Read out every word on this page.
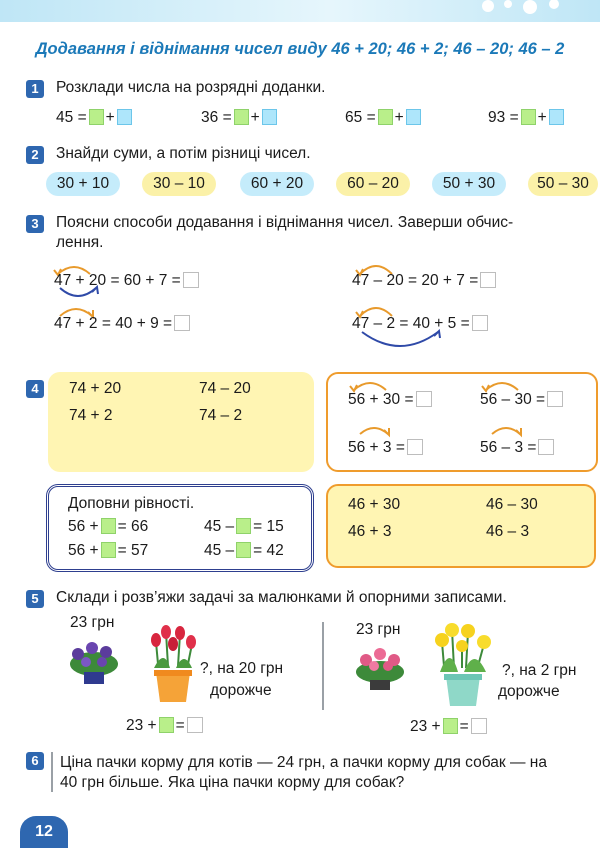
Додавання і віднімання чисел виду 46 + 20; 46 + 2; 46 – 20; 46 – 2
1	Розклади числа на розрядні доданки.
45 = +	36 = +	65 = +	93 = +
2	Знайди суми, а потім різниці чисел.
30 + 10	30 – 10	60 + 20	60 – 20	50 + 30	50 – 30
3	Поясни способи додавання і віднімання чисел. Заверши обчис-
лення.
47 + 20 = 60 + 7 =	47 – 20 = 20 + 7 =
47 + 2 = 40 + 9 =	47 – 2 = 40 + 5 =
4	74 + 20	74 – 20
74 + 2	74 – 2
56 + 30 =	56 – 30 =
56 + 3 =	56 – 3 =
Доповни рівності.
56 + = 66	45 – = 15
56 + = 57	45 – = 42
46 + 30	46 – 30
46 + 3	46 – 3
5	Склади і розв’яжи задачі за малюнками й опорними записами.
23 грн
?, на 20 грн
дорожче
23 + =
23 грн
?, на 2 грн
дорожче
23 + =
6	Ціна пачки корму для котів — 24 грн, а пачки корму для собак — на
40 грн більше. Яка ціна пачки корму для собак?
12
